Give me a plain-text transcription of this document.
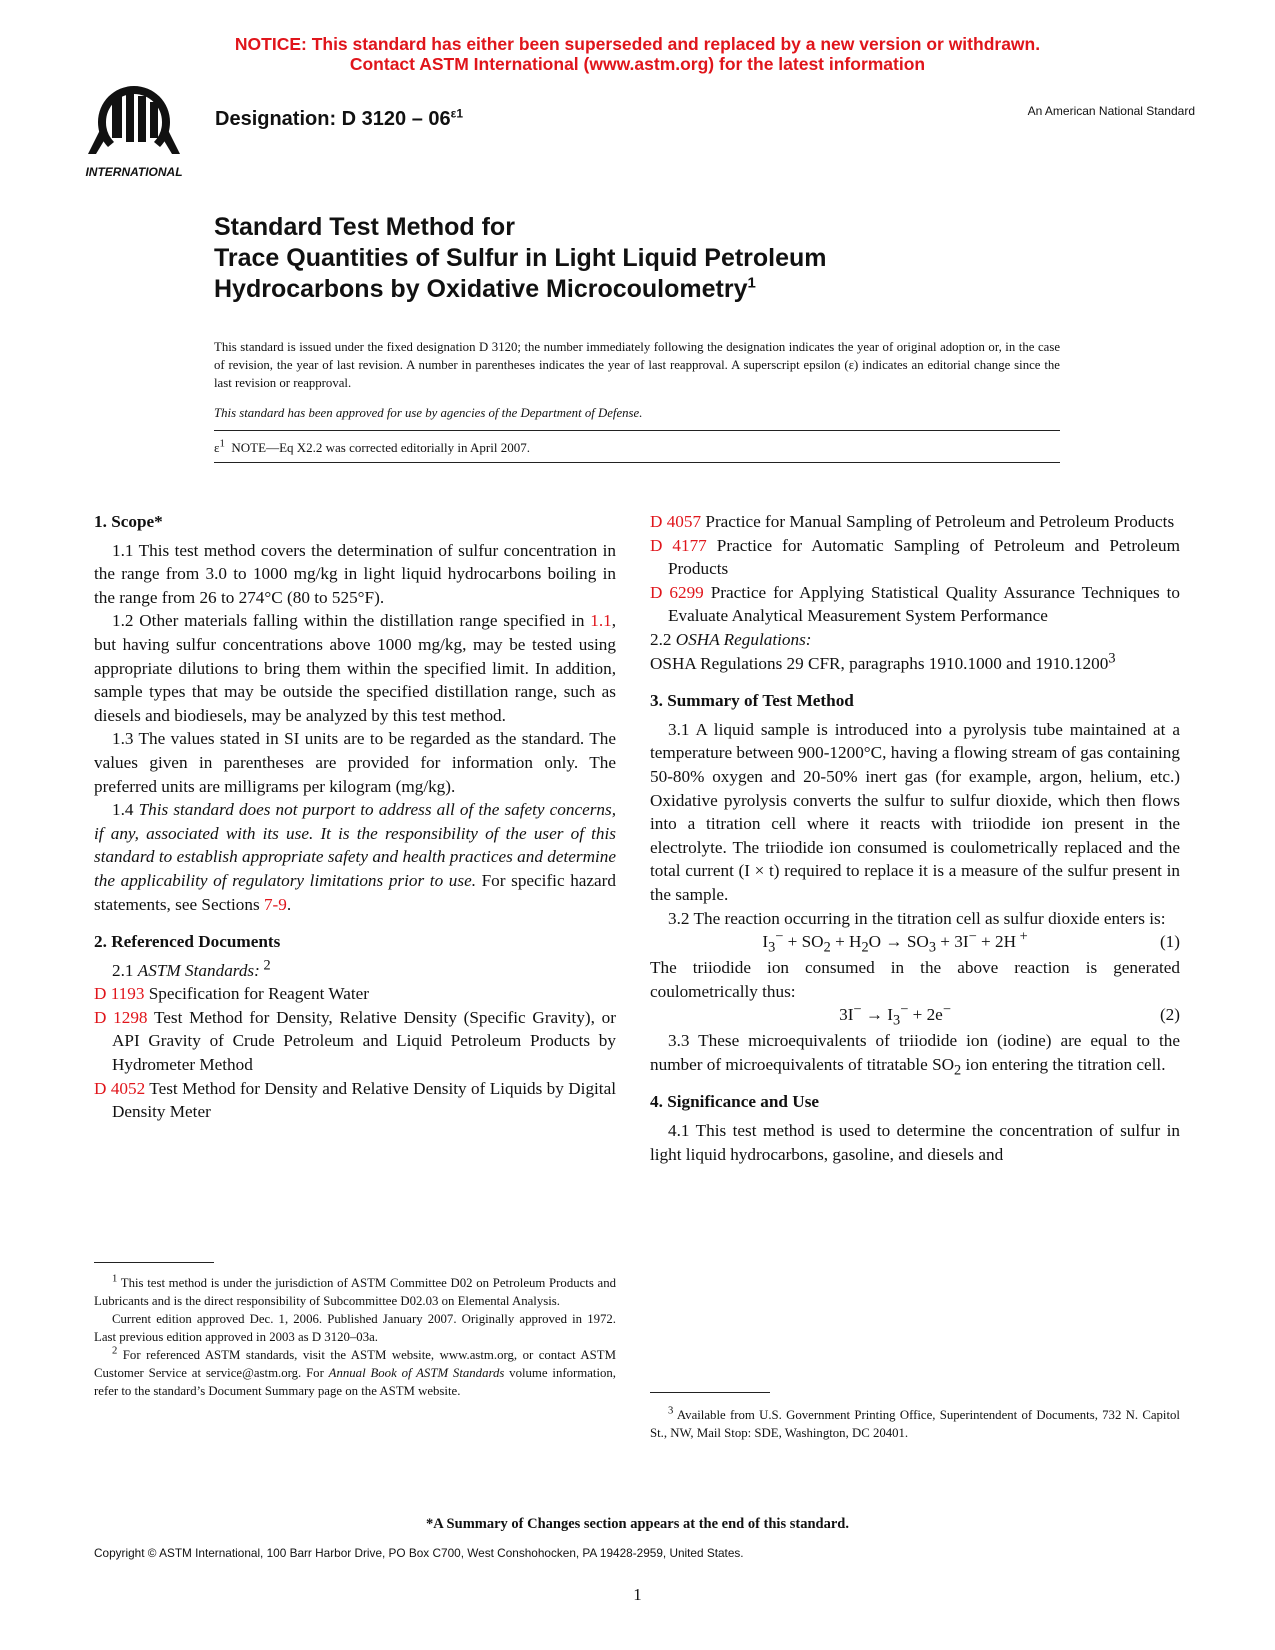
NOTICE: This standard has either been superseded and replaced by a new version or withdrawn.
Contact ASTM International (www.astm.org) for the latest information
INTERNATIONAL
Designation: D $3120 - 06^{\varepsilon 1}$	An American National Standard
Standard Test Method for
Trace Quantities of Sulfur in Light Liquid Petroleum
Hydrocarbons by Oxidative Microcoulometry$^1$
This standard is issued under the fixed designation D 3120; the number immediately following the designation indicates the year of original adoption or, in the case of revision, the year of last revision. A number in parentheses indicates the year of last reapproval. A superscript epsilon (ε) indicates an editorial change since the last revision or reapproval.
This standard has been approved for use by agencies of the Department of Defense.
$\varepsilon^1$ NOTE—Eq X2.2 was corrected editorially in April 2007.

1. Scope*

1.1 This test method covers the determination of sulfur concentration in the range from 3.0 to 1000 mg/kg in light liquid hydrocarbons boiling in the range from 26 to 274°C (80 to 525°F).

1.2 Other materials falling within the distillation range specified in 1.1, but having sulfur concentrations above 1000 mg/kg, may be tested using appropriate dilutions to bring them within the specified limit. In addition, sample types that may be outside the specified distillation range, such as diesels and biodiesels, may be analyzed by this test method.

1.3 The values stated in SI units are to be regarded as the standard. The values given in parentheses are provided for information only. The preferred units are milligrams per kilogram (mg/kg).

1.4 This standard does not purport to address all of the safety concerns, if any, associated with its use. It is the responsibility of the user of this standard to establish appropriate safety and health practices and determine the applicability of regulatory limitations prior to use. For specific hazard statements, see Sections 7-9.

2. Referenced Documents

2.1 ASTM Standards: $^2$

D 1193 Specification for Reagent Water

D 1298 Test Method for Density, Relative Density (Specific Gravity), or API Gravity of Crude Petroleum and Liquid Petroleum Products by Hydrometer Method

D 4052 Test Method for Density and Relative Density of Liquids by Digital Density Meter

$^1$ This test method is under the jurisdiction of ASTM Committee D02 on Petroleum Products and Lubricants and is the direct responsibility of Subcommittee D02.03 on Elemental Analysis.
Current edition approved Dec. 1, 2006. Published January 2007. Originally approved in 1972. Last previous edition approved in 2003 as D 3120–03a.
$^2$ For referenced ASTM standards, visit the ASTM website, www.astm.org, or contact ASTM Customer Service at service@astm.org. For Annual Book of ASTM Standards volume information, refer to the standard’s Document Summary page on the ASTM website.

D 4057 Practice for Manual Sampling of Petroleum and Petroleum Products

D 4177 Practice for Automatic Sampling of Petroleum and Petroleum Products

D 6299 Practice for Applying Statistical Quality Assurance Techniques to Evaluate Analytical Measurement System Performance

2.2 OSHA Regulations:

OSHA Regulations 29 CFR, paragraphs 1910.1000 and 1910.1200$^3$

3. Summary of Test Method

3.1 A liquid sample is introduced into a pyrolysis tube maintained at a temperature between 900-1200°C, having a flowing stream of gas containing 50-80% oxygen and 20-50% inert gas (for example, argon, helium, etc.) Oxidative pyrolysis converts the sulfur to sulfur dioxide, which then flows into a titration cell where it reacts with triiodide ion present in the electrolyte. The triiodide ion consumed is coulometrically replaced and the total current (I × t) required to replace it is a measure of the sulfur present in the sample.

3.2 The reaction occurring in the titration cell as sulfur dioxide enters is:

$I_3^- + SO_2 + H_2O \to SO_3 + 3I^- + 2H$ +	(1)

The triiodide ion consumed in the above reaction is generated coulometrically thus:

$3I^- \to I_3^- + 2e^-$	(2)

3.3 These microequivalents of triiodide ion (iodine) are equal to the number of microequivalents of titratable $SO_2$ ion entering the titration cell.

4. Significance and Use

4.1 This test method is used to determine the concentration of sulfur in light liquid hydrocarbons, gasoline, and diesels and

$^3$ Available from U.S. Government Printing Office, Superintendent of Documents, 732 N. Capitol St., NW, Mail Stop: SDE, Washington, DC 20401.
*A Summary of Changes section appears at the end of this standard.
Copyright © ASTM International, 100 Barr Harbor Drive, PO Box C700, West Conshohocken, PA 19428-2959, United States.
1
